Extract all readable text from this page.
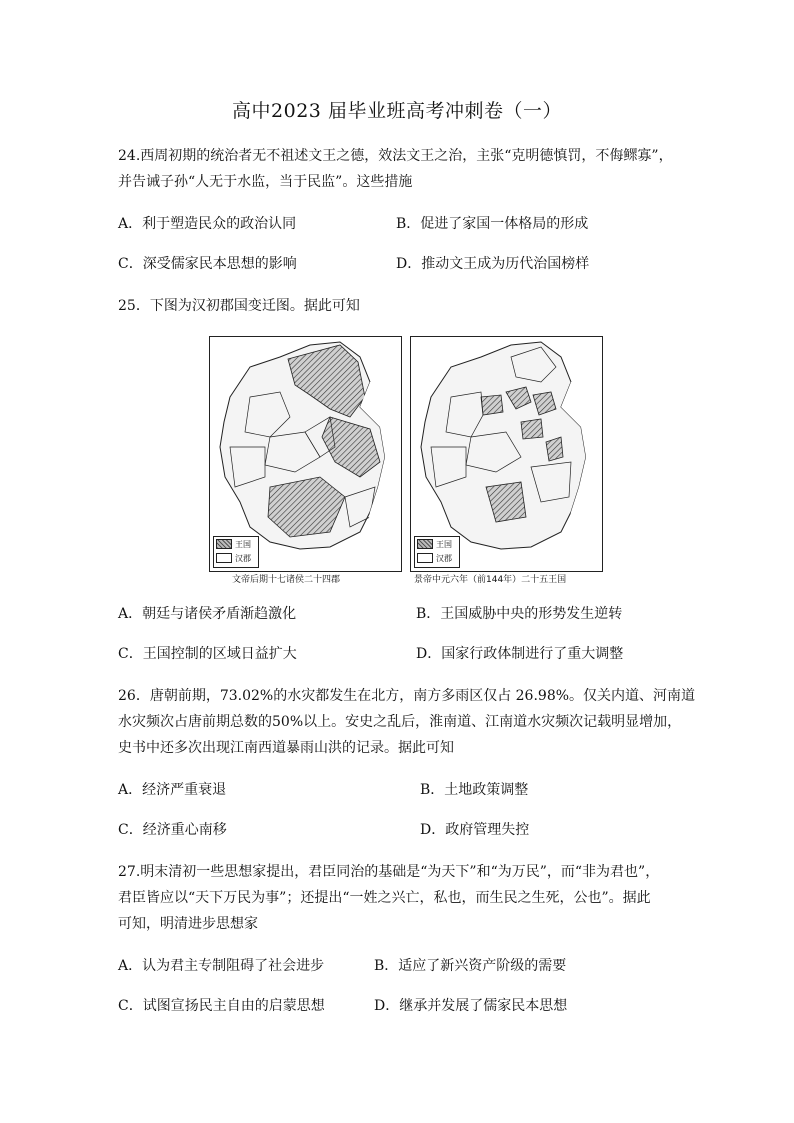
高中2023 届毕业班高考冲刺卷（一）
24.西周初期的统治者无不祖述文王之德，效法文王之治，主张“克明德慎罚，不侮鳏寡”，
并告诫子孙“人无于水监，当于民监”。这些措施
A．利于塑造民众的政治认同	B．促进了家国一体格局的形成
C．深受儒家民本思想的影响	D．推动文王成为历代治国榜样
25．下图为汉初郡国变迁图。据此可知
王国
汉郡
文帝后期十七诸侯二十四郡
王国
汉郡
景帝中元六年（前144年）二十五王国
A．朝廷与诸侯矛盾渐趋激化	B．王国威胁中央的形势发生逆转
C．王国控制的区域日益扩大	D．国家行政体制进行了重大调整
26．唐朝前期，73.02%的水灾都发生在北方，南方多雨区仅占 26.98%。仅关内道、河南道
水灾频次占唐前期总数的50%以上。安史之乱后，淮南道、江南道水灾频次记载明显增加，
史书中还多次出现江南西道暴雨山洪的记录。据此可知
A．经济严重衰退	B．土地政策调整
C．经济重心南移	D．政府管理失控
27.明末清初一些思想家提出，君臣同治的基础是“为天下”和“为万民”，而“非为君也”，
君臣皆应以“天下万民为事”；还提出“一姓之兴亡，私也，而生民之生死，公也”。据此
可知，明清进步思想家
A．认为君主专制阻碍了社会进步	B．适应了新兴资产阶级的需要
C．试图宣扬民主自由的启蒙思想	D．继承并发展了儒家民本思想
